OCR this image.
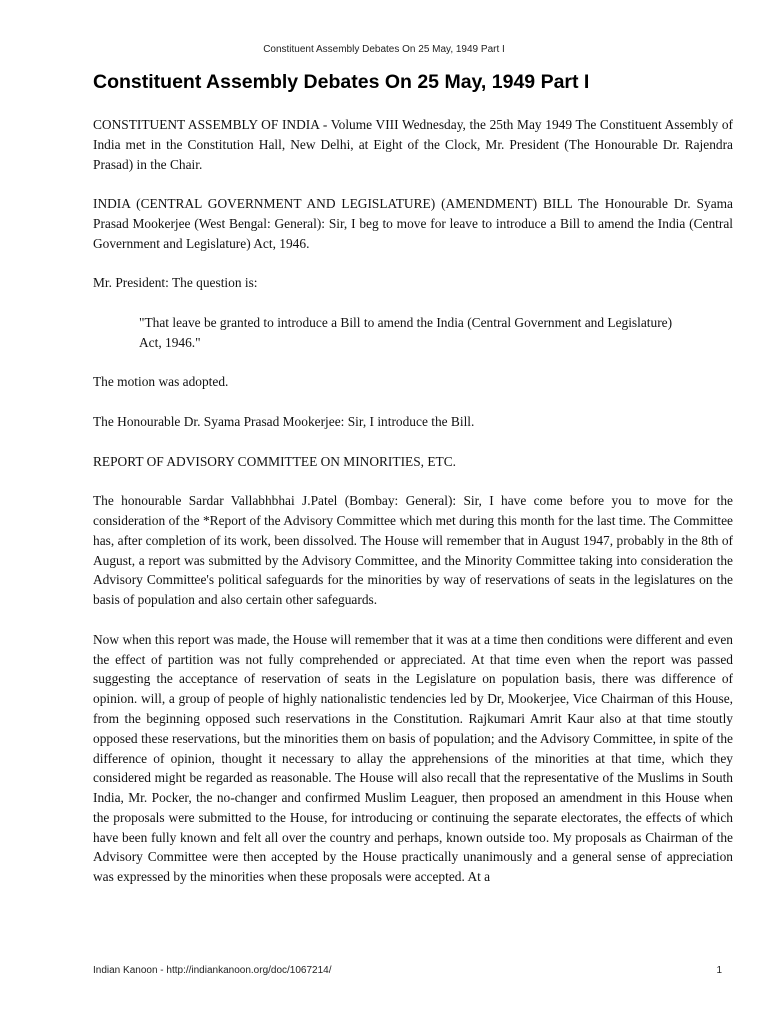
Constituent Assembly Debates On 25 May, 1949 Part I
Constituent Assembly Debates On 25 May, 1949 Part I

CONSTITUENT ASSEMBLY OF INDIA - Volume VIII Wednesday, the 25th May 1949 The Constituent Assembly of India met in the Constitution Hall, New Delhi, at Eight of the Clock, Mr. President (The Honourable Dr. Rajendra Prasad) in the Chair.

INDIA (CENTRAL GOVERNMENT AND LEGISLATURE) (AMENDMENT) BILL The Honourable Dr. Syama Prasad Mookerjee (West Bengal: General): Sir, I beg to move for leave to introduce a Bill to amend the India (Central Government and Legislature) Act, 1946.

Mr. President: The question is:

"That leave be granted to introduce a Bill to amend the India (Central Government and Legislature) Act, 1946."

The motion was adopted.

The Honourable Dr. Syama Prasad Mookerjee: Sir, I introduce the Bill.

REPORT OF ADVISORY COMMITTEE ON MINORITIES, ETC.

The honourable Sardar Vallabhbhai J.Patel (Bombay: General): Sir, I have come before you to move for the consideration of the *Report of the Advisory Committee which met during this month for the last time. The Committee has, after completion of its work, been dissolved. The House will remember that in August 1947, probably in the 8th of August, a report was submitted by the Advisory Committee, and the Minority Committee taking into consideration the Advisory Committee's political safeguards for the minorities by way of reservations of seats in the legislatures on the basis of population and also certain other safeguards.

Now when this report was made, the House will remember that it was at a time then conditions were different and even the effect of partition was not fully comprehended or appreciated. At that time even when the report was passed suggesting the acceptance of reservation of seats in the Legislature on population basis, there was difference of opinion. will, a group of people of highly nationalistic tendencies led by Dr, Mookerjee, Vice Chairman of this House, from the beginning opposed such reservations in the Constitution. Rajkumari Amrit Kaur also at that time stoutly opposed these reservations, but the minorities them on basis of population; and the Advisory Committee, in spite of the difference of opinion, thought it necessary to allay the apprehensions of the minorities at that time, which they considered might be regarded as reasonable. The House will also recall that the representative of the Muslims in South India, Mr. Pocker, the no-changer and confirmed Muslim Leaguer, then proposed an amendment in this House when the proposals were submitted to the House, for introducing or continuing the separate electorates, the effects of which have been fully known and felt all over the country and perhaps, known outside too. My proposals as Chairman of the Advisory Committee were then accepted by the House practically unanimously and a general sense of appreciation was expressed by the minorities when these proposals were accepted. At a

Indian Kanoon - http://indiankanoon.org/doc/1067214/	1
